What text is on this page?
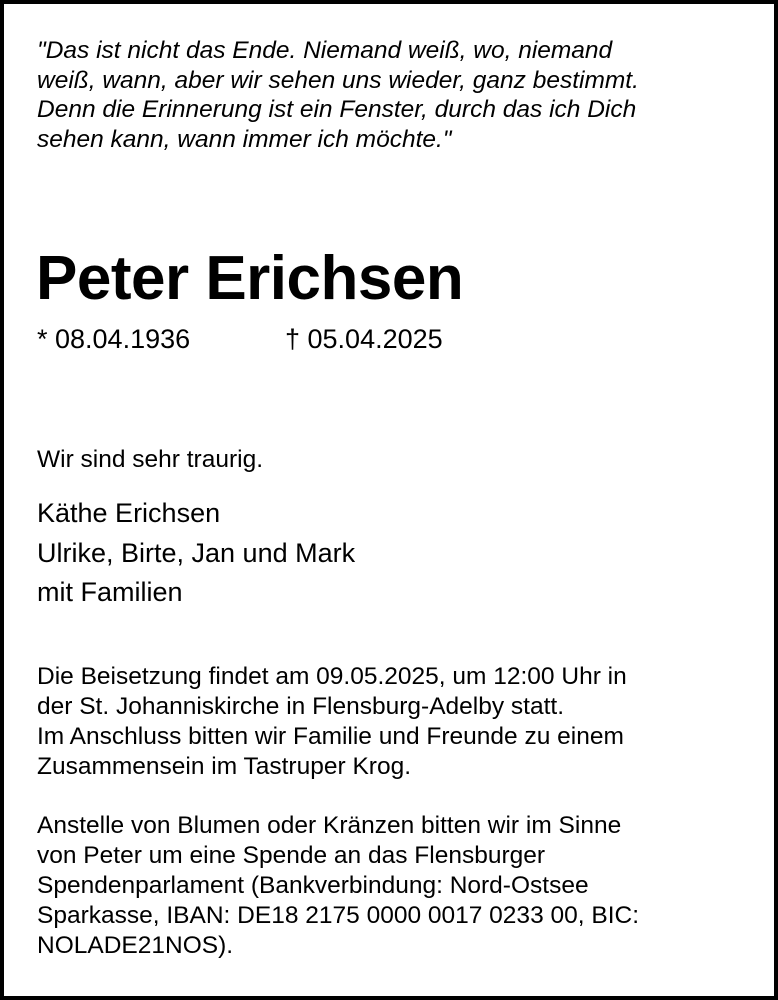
"Das ist nicht das Ende. Niemand weiß, wo, niemand
weiß, wann, aber wir sehen uns wieder, ganz bestimmt.
Denn die Erinnerung ist ein Fenster, durch das ich Dich
sehen kann, wann immer ich möchte."
Peter Erichsen
* 08.04.1936	† 05.04.2025
Wir sind sehr traurig.
Käthe Erichsen
Ulrike, Birte, Jan und Mark
mit Familien
Die Beisetzung findet am 09.05.2025, um 12:00 Uhr in
der St. Johanniskirche in Flensburg-Adelby statt.
Im Anschluss bitten wir Familie und Freunde zu einem
Zusammensein im Tastruper Krog.
Anstelle von Blumen oder Kränzen bitten wir im Sinne
von Peter um eine Spende an das Flensburger
Spendenparlament (Bankverbindung: Nord-Ostsee
Sparkasse, IBAN: DE18 2175 0000 0017 0233 00, BIC:
NOLADE21NOS).
